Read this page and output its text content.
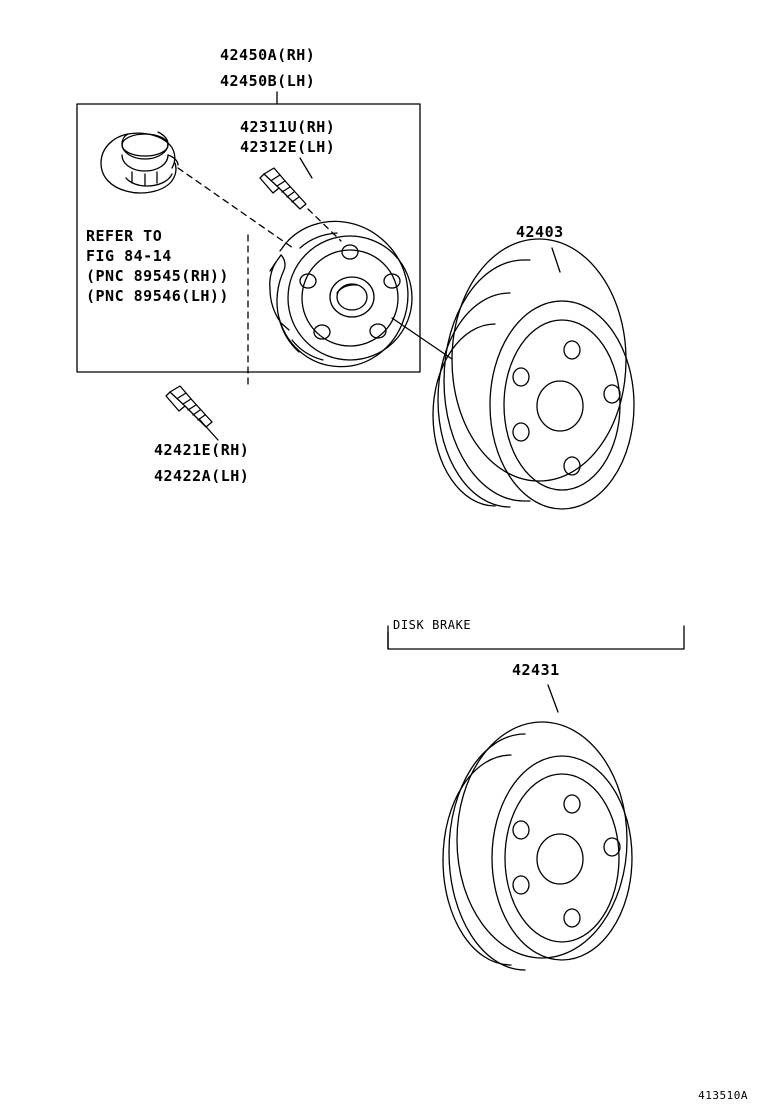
42450A(RH)
42450B(LH)
42311U(RH)
42312E(LH)
REFER TO
FIG 84-14
(PNC 89545(RH))
(PNC 89546(LH))
42421E(RH)
42422A(LH)
42403
DISK BRAKE
42431
413510A
